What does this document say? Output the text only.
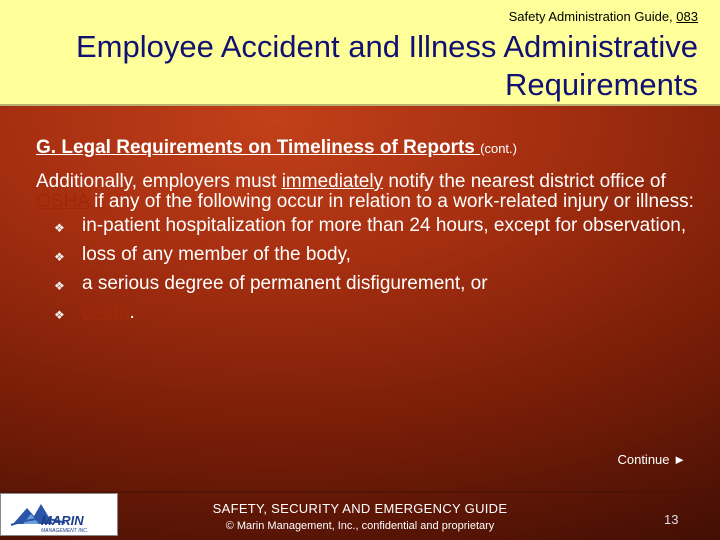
Safety Administration Guide, 083
Employee Accident and Illness Administrative Requirements
G. Legal Requirements on Timeliness of Reports (cont.)

Additionally, employers must immediately notify the nearest district office of OSHA if any of the following occur in relation to a work-related injury or illness:

❖ in-patient hospitalization for more than 24 hours, except for observation,
❖ loss of any member of the body,
❖ a serious degree of permanent disfigurement, or
❖ death.
Continue ►
MARIN
MANAGEMENT INC.
SAFETY, SECURITY AND EMERGENCY GUIDE
© Marin Management, Inc., confidential and proprietary	13
